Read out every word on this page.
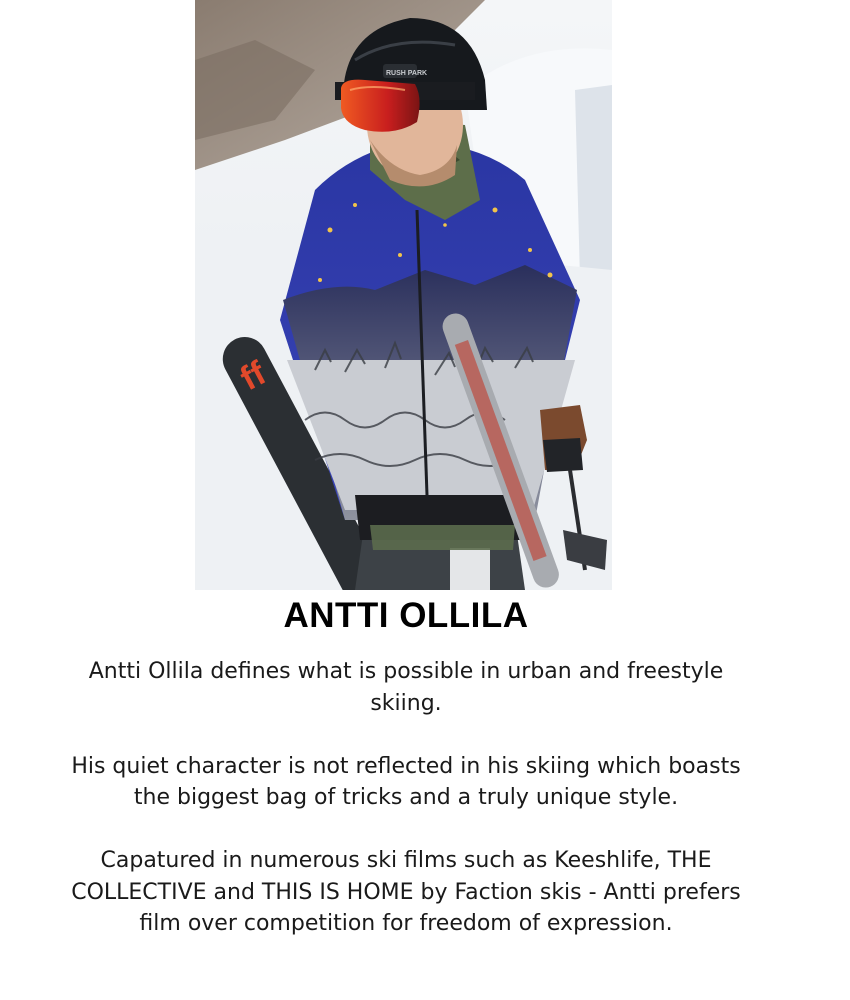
ff
RUSH PARK
ANTTI OLLILA

Antti Ollila defines what is possible in urban and freestyle skiing.

His quiet character is not reflected in his skiing which boasts the biggest bag of tricks and a truly unique style.

Capatured in numerous ski films such as Keeshlife, THE COLLECTIVE and THIS IS HOME by Faction skis - Antti prefers film over competition for freedom of expression.
